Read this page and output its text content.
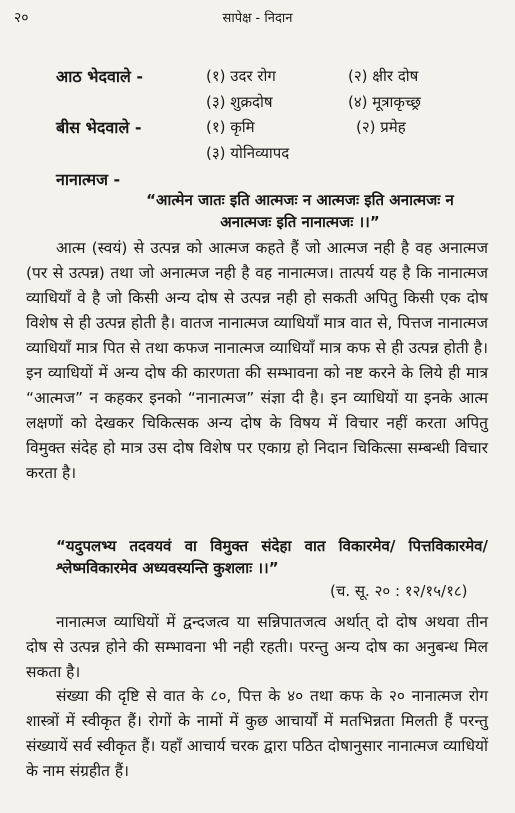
२०	सापेक्ष - निदान
आठ भेदवाले -	(१) उदर रोग	(२) क्षीर दोष
(३) शुक्रदोष	(४) मूत्राकृच्छ्र
बीस भेदवाले -	(१) कृमि	(२) प्रमेह
(३) योनिव्यापद
नानात्मज -
“आत्मेन जातः इति आत्मजः न आत्मजः इति अनात्मजः न अनात्मजः इति नानात्मजः ।।”
आत्म (स्वयं) से उत्पन्न को आत्मज कहते हैं जो आत्मज नही है वह अनात्मज (पर से उत्पन्न) तथा जो अनात्मज नही है वह नानात्मज। तात्पर्य यह है कि नानात्मज व्याधियाँ वे है जो किसी अन्य दोष से उत्पन्न नही हो सकती अपितु किसी एक दोष विशेष से ही उत्पन्न होती है। वातज नानात्मज व्याधियाँ मात्र वात से, पित्तज नानात्मज व्याधियाँ मात्र पित से तथा कफज नानात्मज व्याधियाँ मात्र कफ से ही उत्पन्न होती है। इन व्याधियों में अन्य दोष की कारणता की सम्भावना को नष्ट करने के लिये ही मात्र “आत्मज” न कहकर इनको “नानात्मज” संज्ञा दी है। इन व्याधियों या इनके आत्म लक्षणों को देखकर चिकित्सक अन्य दोष के विषय में विचार नहीं करता अपितु विमुक्त संदेह हो मात्र उस दोष विशेष पर एकाग्र हो निदान चिकित्सा सम्बन्धी विचार करता है।
“यदुपलभ्य तदवयवं वा विमुक्त संदेहा वात विकारमेव/ पित्तविकारमेव/श्लेष्मविकारमेव अध्यवस्यन्ति कुशलाः ।।”
(च. सू. २० : १२/१५/१८)
नानात्मज व्याधियों में द्वन्दजत्व या सन्निपातजत्व अर्थात् दो दोष अथवा तीन दोष से उत्पन्न होने की सम्भावना भी नही रहती। परन्तु अन्य दोष का अनुबन्ध मिल सकता है।
संख्या की दृष्टि से वात के ८०, पित्त के ४० तथा कफ के २० नानात्मज रोग शास्त्रों में स्वीकृत हैं। रोगों के नामों में कुछ आचार्यों में मतभिन्नता मिलती हैं परन्तु संख्यायें सर्व स्वीकृत हैं। यहाँ आचार्य चरक द्वारा पठित दोषानुसार नानात्मज व्याधियों के नाम संग्रहीत हैं।
